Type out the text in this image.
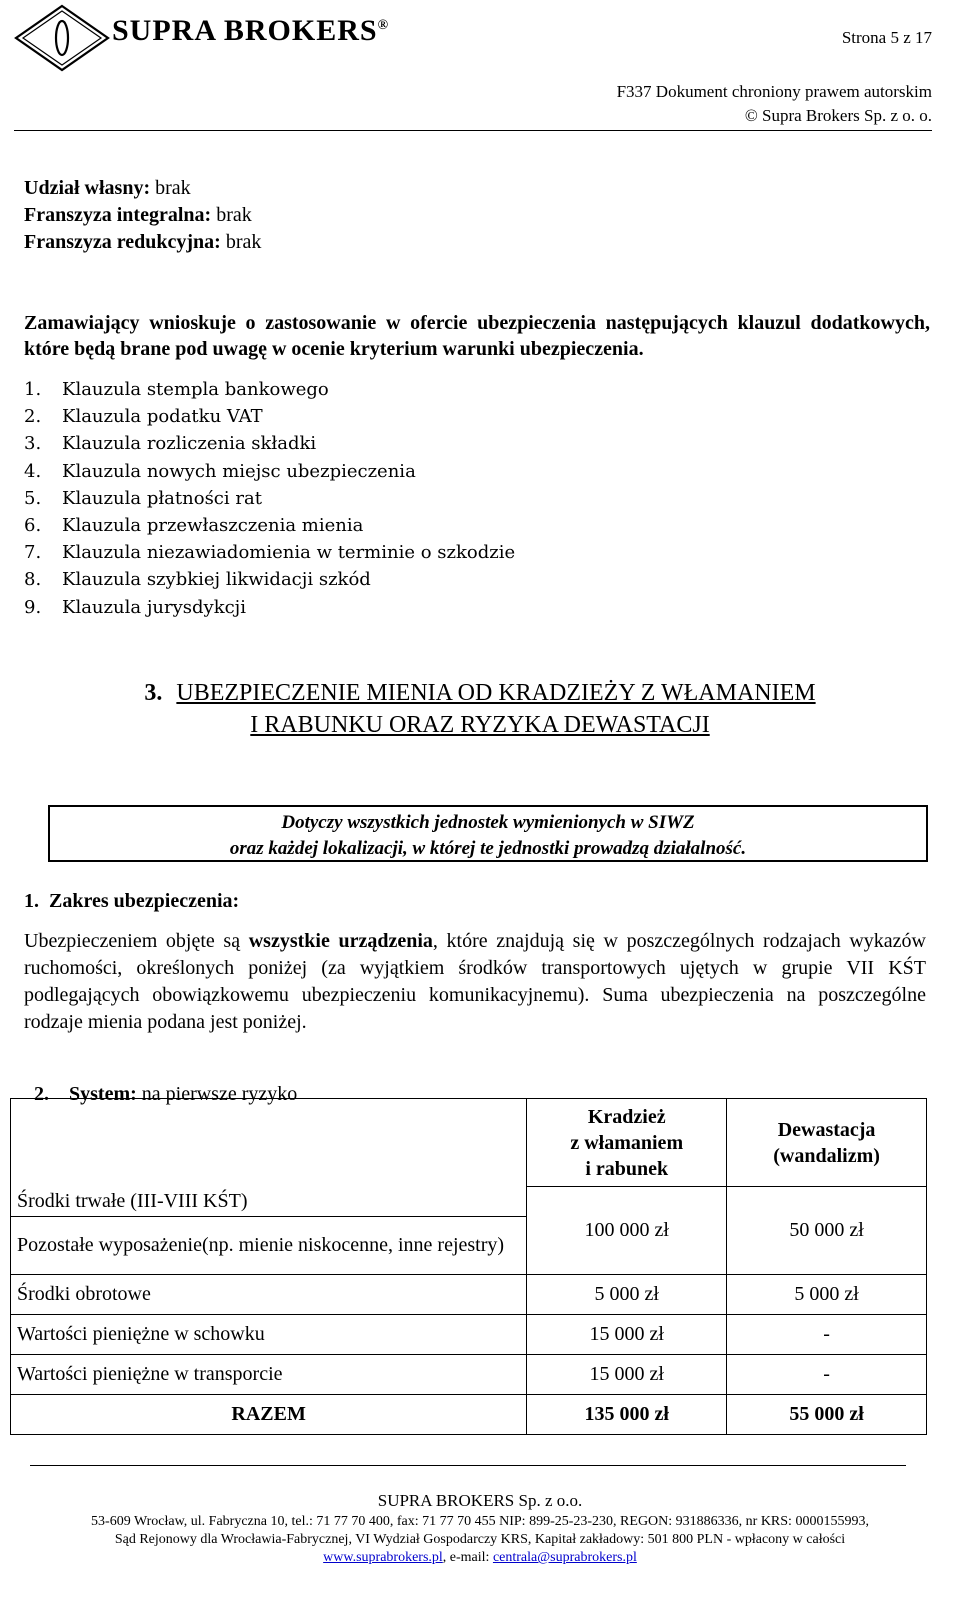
SUPRA BROKERS®
Strona 5 z 17
F337 Dokument chroniony prawem autorskim
© Supra Brokers Sp. z o. o.
Udział własny: brak
Franszyza integralna: brak
Franszyza redukcyjna: brak
Zamawiający wnioskuje o zastosowanie w ofercie ubezpieczenia następujących klauzul dodatkowych, które będą brane pod uwagę w ocenie kryterium warunki ubezpieczenia.
1. Klauzula stempla bankowego
2. Klauzula podatku VAT
3. Klauzula rozliczenia składki
4. Klauzula nowych miejsc ubezpieczenia
5. Klauzula płatności rat
6. Klauzula przewłaszczenia mienia
7. Klauzula niezawiadomienia w terminie o szkodzie
8. Klauzula szybkiej likwidacji szkód
9. Klauzula jurysdykcji
3. UBEZPIECZENIE MIENIA OD KRADZIEŻY Z WŁAMANIEM
I RABUNKU ORAZ RYZYKA DEWASTACJI
Dotyczy wszystkich jednostek wymienionych w SIWZ
oraz każdej lokalizacji, w której te jednostki prowadzą działalność.
1.  Zakres ubezpieczenia:
Ubezpieczeniem objęte są wszystkie urządzenia, które znajdują się w poszczególnych rodzajach wykazów ruchomości, określonych poniżej (za wyjątkiem środków transportowych ujętych w grupie VII KŚT podlegających obowiązkowemu ubezpieczeniu komunikacyjnemu). Suma ubezpieczenia na poszczególne rodzaje mienia podana jest poniżej.

2.    System: na pierwsze ryzyko

	Kradzież
z włamaniem
i rabunek	Dewastacja
(wandalizm)
Środki trwałe (III-VIII KŚT)	100 000 zł	50 000 zł
Pozostałe wyposażenie(np. mienie niskocenne, inne rejestry)		
Środki obrotowe	5 000 zł	5 000 zł
Wartości pieniężne w schowku	15 000 zł	-
Wartości pieniężne w transporcie	15 000 zł	-
RAZEM	135 000 zł	55 000 zł
SUPRA BROKERS Sp. z o.o.
53-609 Wrocław, ul. Fabryczna 10, tel.: 71 77 70 400, fax: 71 77 70 455 NIP: 899-25-23-230, REGON: 931886336, nr KRS: 0000155993,
Sąd Rejonowy dla Wrocławia-Fabrycznej, VI Wydział Gospodarczy KRS, Kapitał zakładowy: 501 800 PLN - wpłacony w całości
www.suprabrokers.pl, e-mail: centrala@suprabrokers.pl
